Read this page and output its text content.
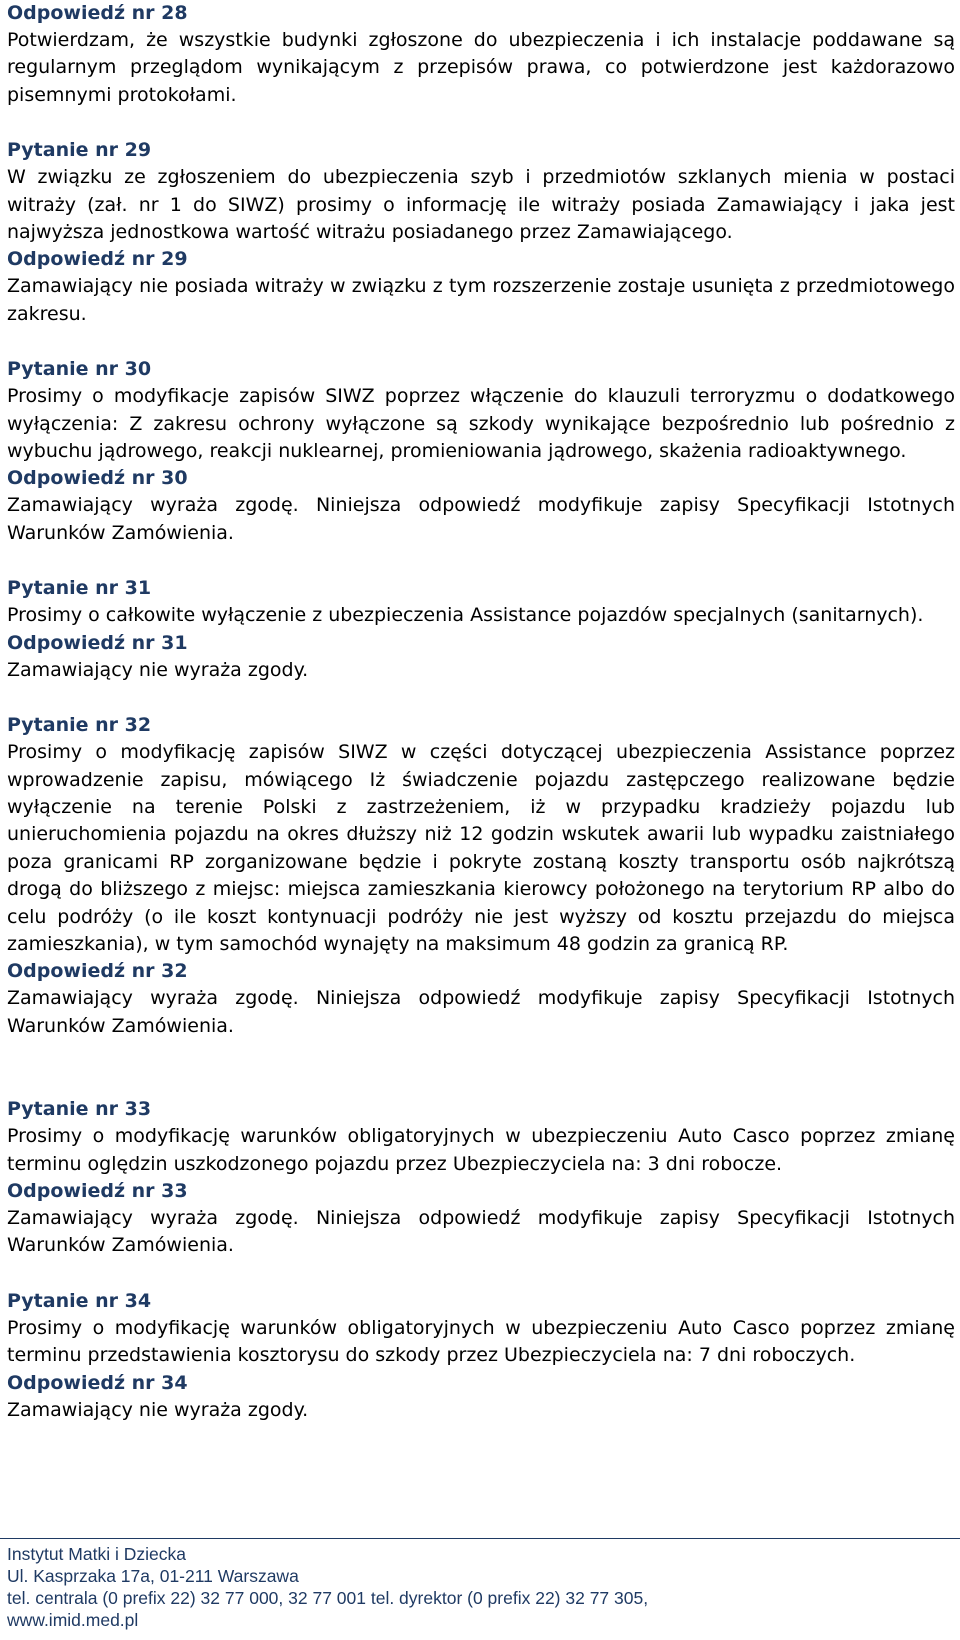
Odpowiedź nr 28
Potwierdzam, że wszystkie budynki zgłoszone do ubezpieczenia i ich instalacje poddawane są regularnym przeglądom wynikającym z przepisów prawa, co potwierdzone jest każdorazowo pisemnymi protokołami.
Pytanie nr 29
W związku ze zgłoszeniem do ubezpieczenia szyb i przedmiotów szklanych mienia w postaci witraży (zał. nr 1 do SIWZ) prosimy o informację ile witraży posiada Zamawiający i jaka jest najwyższa jednostkowa wartość witrażu posiadanego przez Zamawiającego.
Odpowiedź nr 29
Zamawiający nie posiada witraży w związku z tym rozszerzenie zostaje usunięta z przedmiotowego zakresu.
Pytanie nr 30
Prosimy o modyfikacje zapisów SIWZ poprzez włączenie do klauzuli terroryzmu o dodatkowego wyłączenia: Z zakresu ochrony wyłączone są szkody wynikające bezpośrednio lub pośrednio z wybuchu jądrowego, reakcji nuklearnej, promieniowania jądrowego, skażenia radioaktywnego.
Odpowiedź nr 30
Zamawiający wyraża zgodę. Niniejsza odpowiedź modyfikuje zapisy Specyfikacji Istotnych Warunków Zamówienia.
Pytanie nr 31
Prosimy o całkowite wyłączenie z ubezpieczenia Assistance pojazdów specjalnych (sanitarnych).
Odpowiedź nr 31
Zamawiający nie wyraża zgody.
Pytanie nr 32
Prosimy o modyfikację zapisów SIWZ w części dotyczącej ubezpieczenia Assistance poprzez wprowadzenie zapisu, mówiącego Iż świadczenie pojazdu zastępczego realizowane będzie wyłączenie na terenie Polski z zastrzeżeniem, iż w przypadku kradzieży pojazdu lub unieruchomienia pojazdu na okres dłuższy niż 12 godzin wskutek awarii lub wypadku zaistniałego poza granicami RP zorganizowane będzie i pokryte zostaną koszty transportu osób najkrótszą drogą do bliższego z miejsc: miejsca zamieszkania kierowcy położonego na terytorium RP albo do celu podróży (o ile koszt kontynuacji podróży nie jest wyższy od kosztu przejazdu do miejsca zamieszkania), w tym samochód wynajęty na maksimum 48 godzin za granicą RP.
Odpowiedź nr 32
Zamawiający wyraża zgodę. Niniejsza odpowiedź modyfikuje zapisy Specyfikacji Istotnych Warunków Zamówienia.
Pytanie nr 33
Prosimy o modyfikację warunków obligatoryjnych w ubezpieczeniu Auto Casco poprzez zmianę terminu oględzin uszkodzonego pojazdu przez Ubezpieczyciela na: 3 dni robocze.
Odpowiedź nr 33
Zamawiający wyraża zgodę. Niniejsza odpowiedź modyfikuje zapisy Specyfikacji Istotnych Warunków Zamówienia.
Pytanie nr 34
Prosimy o modyfikację warunków obligatoryjnych w ubezpieczeniu Auto Casco poprzez zmianę terminu przedstawienia kosztorysu do szkody przez Ubezpieczyciela na: 7 dni roboczych.
Odpowiedź nr 34
Zamawiający nie wyraża zgody.
Instytut Matki i Dziecka
Ul. Kasprzaka 17a, 01-211 Warszawa
tel. centrala (0 prefix 22) 32 77 000, 32 77 001 tel. dyrektor (0 prefix 22) 32 77 305,
www.imid.med.pl
